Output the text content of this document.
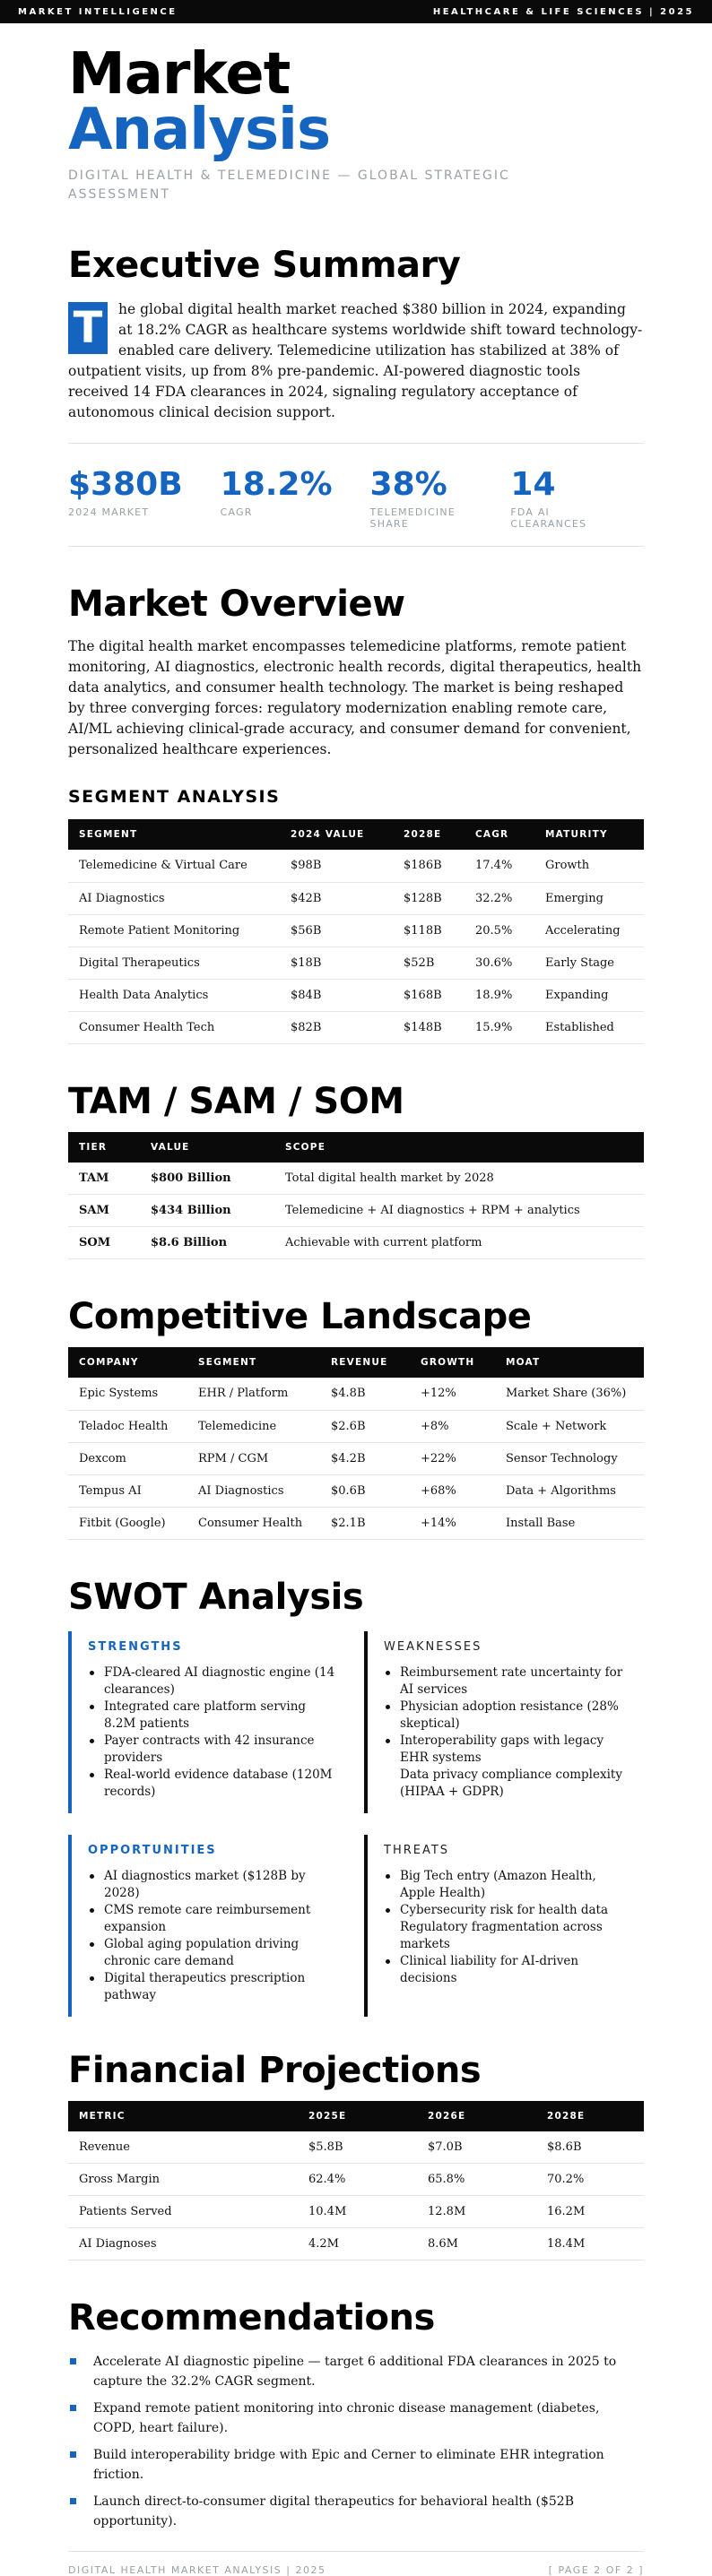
MARKET INTELLIGENCE	HEALTHCARE & LIFE SCIENCES | 2025
Market
Analysis
DIGITAL HEALTH & TELEMEDICINE — GLOBAL STRATEGIC ASSESSMENT
Executive Summary
T	he global digital health market reached $380 billion in 2024, expanding at 18.2% CAGR as healthcare systems worldwide shift toward technology-enabled care delivery. Telemedicine utilization has stabilized at 38% of outpatient visits, up from 8% pre-pandemic. AI-powered diagnostic tools received 14 FDA clearances in 2024, signaling regulatory acceptance of autonomous clinical decision support.
$380B
2024 MARKET
18.2%
CAGR
38%
TELEMEDICINE SHARE
14
FDA AI CLEARANCES
Market Overview

The digital health market encompasses telemedicine platforms, remote patient monitoring, AI diagnostics, electronic health records, digital therapeutics, health data analytics, and consumer health technology. The market is being reshaped by three converging forces: regulatory modernization enabling remote care, AI/ML achieving clinical-grade accuracy, and consumer demand for convenient, personalized healthcare experiences.

SEGMENT ANALYSIS
SEGMENT	2024 VALUE	2028E	CAGR	MATURITY
Telemedicine & Virtual Care	$98B	$186B	17.4%	Growth
AI Diagnostics	$42B	$128B	32.2%	Emerging
Remote Patient Monitoring	$56B	$118B	20.5%	Accelerating
Digital Therapeutics	$18B	$52B	30.6%	Early Stage
Health Data Analytics	$84B	$168B	18.9%	Expanding
Consumer Health Tech	$82B	$148B	15.9%	Established
TAM / SAM / SOM
TIER	VALUE	SCOPE
TAM	$800 Billion	Total digital health market by 2028
SAM	$434 Billion	Telemedicine + AI diagnostics + RPM + analytics
SOM	$8.6 Billion	Achievable with current platform
Competitive Landscape
COMPANY	SEGMENT	REVENUE	GROWTH	MOAT
Epic Systems	EHR / Platform	$4.8B	+12%	Market Share (36%)
Teladoc Health	Telemedicine	$2.6B	+8%	Scale + Network
Dexcom	RPM / CGM	$4.2B	+22%	Sensor Technology
Tempus AI	AI Diagnostics	$0.6B	+68%	Data + Algorithms
Fitbit (Google)	Consumer Health	$2.1B	+14%	Install Base
SWOT Analysis
STRENGTHS
FDA-cleared AI diagnostic engine (14 clearances)
Integrated care platform serving 8.2M patients
Payer contracts with 42 insurance providers
Real-world evidence database (120M records)
WEAKNESSES
Reimbursement rate uncertainty for AI services
Physician adoption resistance (28% skeptical)
Interoperability gaps with legacy EHR systems
Data privacy compliance complexity (HIPAA + GDPR)
OPPORTUNITIES
AI diagnostics market ($128B by 2028)
CMS remote care reimbursement expansion
Global aging population driving chronic care demand
Digital therapeutics prescription pathway
THREATS
Big Tech entry (Amazon Health, Apple Health)
Cybersecurity risk for health data
Regulatory fragmentation across markets
Clinical liability for AI-driven decisions
Financial Projections
METRIC	2025E	2026E	2028E
Revenue	$5.8B	$7.0B	$8.6B
Gross Margin	62.4%	65.8%	70.2%
Patients Served	10.4M	12.8M	16.2M
AI Diagnoses	4.2M	8.6M	18.4M
Recommendations
Accelerate AI diagnostic pipeline — target 6 additional FDA clearances in 2025 to capture the 32.2% CAGR segment.
Expand remote patient monitoring into chronic disease management (diabetes, COPD, heart failure).
Build interoperability bridge with Epic and Cerner to eliminate EHR integration friction.
Launch direct-to-consumer digital therapeutics for behavioral health ($52B opportunity).
DIGITAL HEALTH MARKET ANALYSIS | 2025	[ PAGE 2 OF 2 ]
